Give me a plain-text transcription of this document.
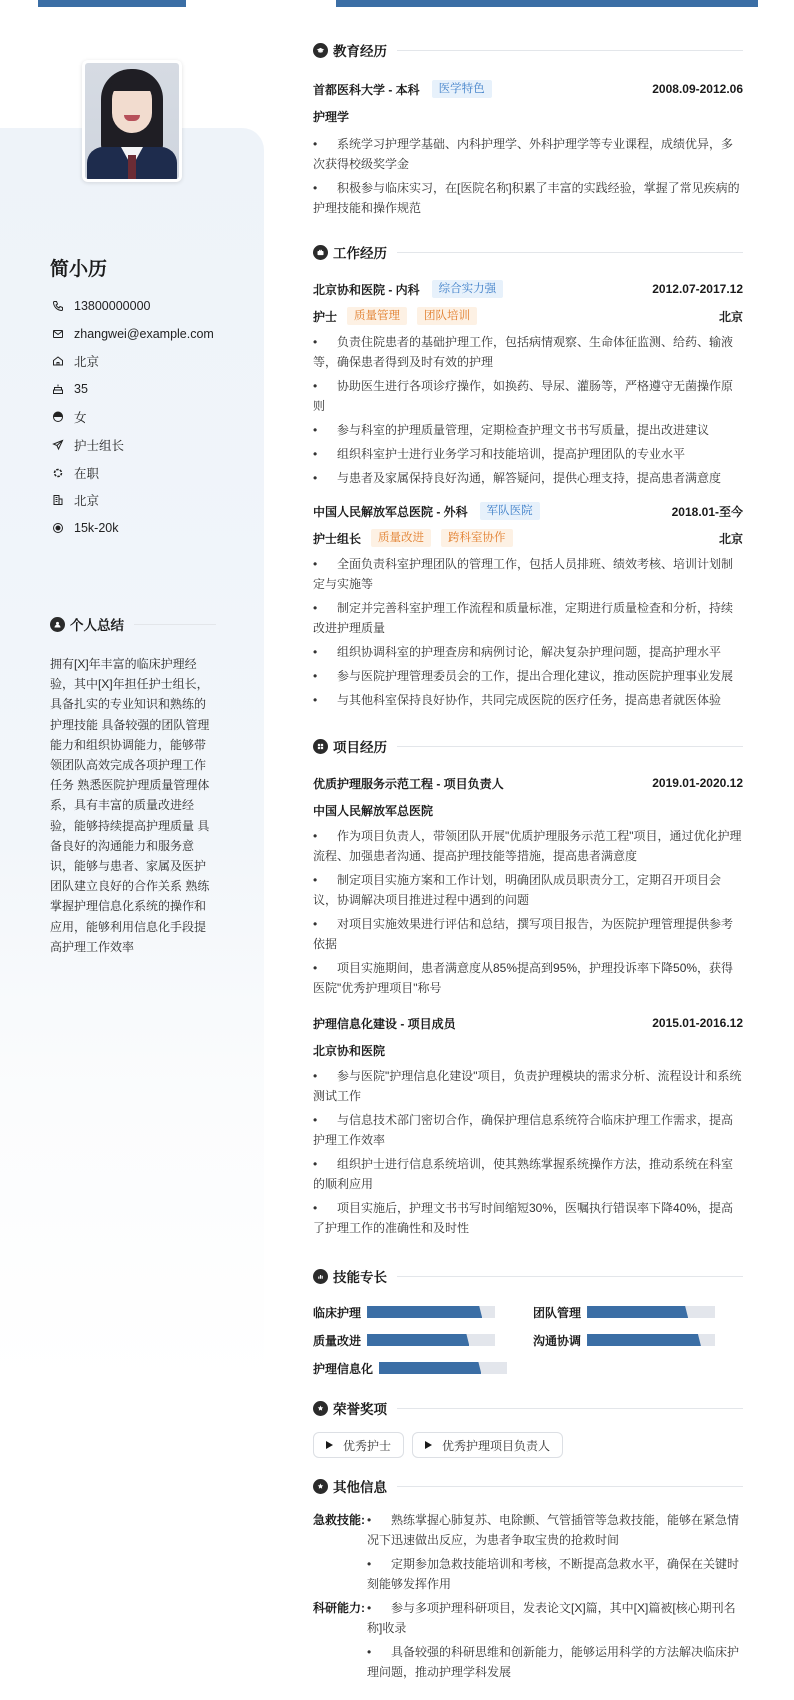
简小历
13800000000
zhangwei@example.com
北京
35
女
护士组长
在职
北京
15k-20k
个人总结

拥有[X]年丰富的临床护理经验，其中[X]年担任护士组长，具备扎实的专业知识和熟练的护理技能 具备较强的团队管理能力和组织协调能力，能够带领团队高效完成各项护理工作任务 熟悉医院护理质量管理体系，具有丰富的质量改进经验，能够持续提高护理质量 具备良好的沟通能力和服务意识，能够与患者、家属及医护团队建立良好的合作关系 熟练掌握护理信息化系统的操作和应用，能够利用信息化手段提高护理工作效率

教育经历
首都医科大学 - 本科	医学特色	2008.09-2012.06
护理学
• 系统学习护理学基础、内科护理学、外科护理学等专业课程，成绩优异，多次获得校级奖学金
• 积极参与临床实习，在[医院名称]积累了丰富的实践经验，掌握了常见疾病的护理技能和操作规范
工作经历
北京协和医院 - 内科	综合实力强	2012.07-2017.12
护士	质量管理	团队培训	北京
• 负责住院患者的基础护理工作，包括病情观察、生命体征监测、给药、输液等，确保患者得到及时有效的护理
• 协助医生进行各项诊疗操作，如换药、导尿、灌肠等，严格遵守无菌操作原则
• 参与科室的护理质量管理，定期检查护理文书书写质量，提出改进建议
• 组织科室护士进行业务学习和技能培训，提高护理团队的专业水平
• 与患者及家属保持良好沟通，解答疑问，提供心理支持，提高患者满意度
中国人民解放军总医院 - 外科	军队医院	2018.01-至今
护士组长	质量改进	跨科室协作	北京
• 全面负责科室护理团队的管理工作，包括人员排班、绩效考核、培训计划制定与实施等
• 制定并完善科室护理工作流程和质量标准，定期进行质量检查和分析，持续改进护理质量
• 组织协调科室的护理查房和病例讨论，解决复杂护理问题，提高护理水平
• 参与医院护理管理委员会的工作，提出合理化建议，推动医院护理事业发展
• 与其他科室保持良好协作，共同完成医院的医疗任务，提高患者就医体验
项目经历
优质护理服务示范工程 - 项目负责人	2019.01-2020.12
中国人民解放军总医院
• 作为项目负责人，带领团队开展"优质护理服务示范工程"项目，通过优化护理流程、加强患者沟通、提高护理技能等措施，提高患者满意度
• 制定项目实施方案和工作计划，明确团队成员职责分工，定期召开项目会议，协调解决项目推进过程中遇到的问题
• 对项目实施效果进行评估和总结，撰写项目报告，为医院护理管理提供参考依据
• 项目实施期间，患者满意度从85%提高到95%，护理投诉率下降50%，获得医院"优秀护理项目"称号
护理信息化建设 - 项目成员	2015.01-2016.12
北京协和医院
• 参与医院"护理信息化建设"项目，负责护理模块的需求分析、流程设计和系统测试工作
• 与信息技术部门密切合作，确保护理信息系统符合临床护理工作需求，提高护理工作效率
• 组织护士进行信息系统培训，使其熟练掌握系统操作方法，推动系统在科室的顺利应用
• 项目实施后，护理文书书写时间缩短30%，医嘱执行错误率下降40%，提高了护理工作的准确性和及时性
技能专长
临床护理	团队管理
质量改进	沟通协调
护理信息化
荣誉奖项
优秀护士	优秀护理项目负责人
其他信息
急救技能: • 熟练掌握心肺复苏、电除颤、气管插管等急救技能，能够在紧急情况下迅速做出反应，为患者争取宝贵的抢救时间
• 定期参加急救技能培训和考核，不断提高急救水平，确保在关键时刻能够发挥作用
科研能力: • 参与多项护理科研项目，发表论文[X]篇，其中[X]篇被[核心期刊名称]收录
• 具备较强的科研思维和创新能力，能够运用科学的方法解决临床护理问题，推动护理学科发展
